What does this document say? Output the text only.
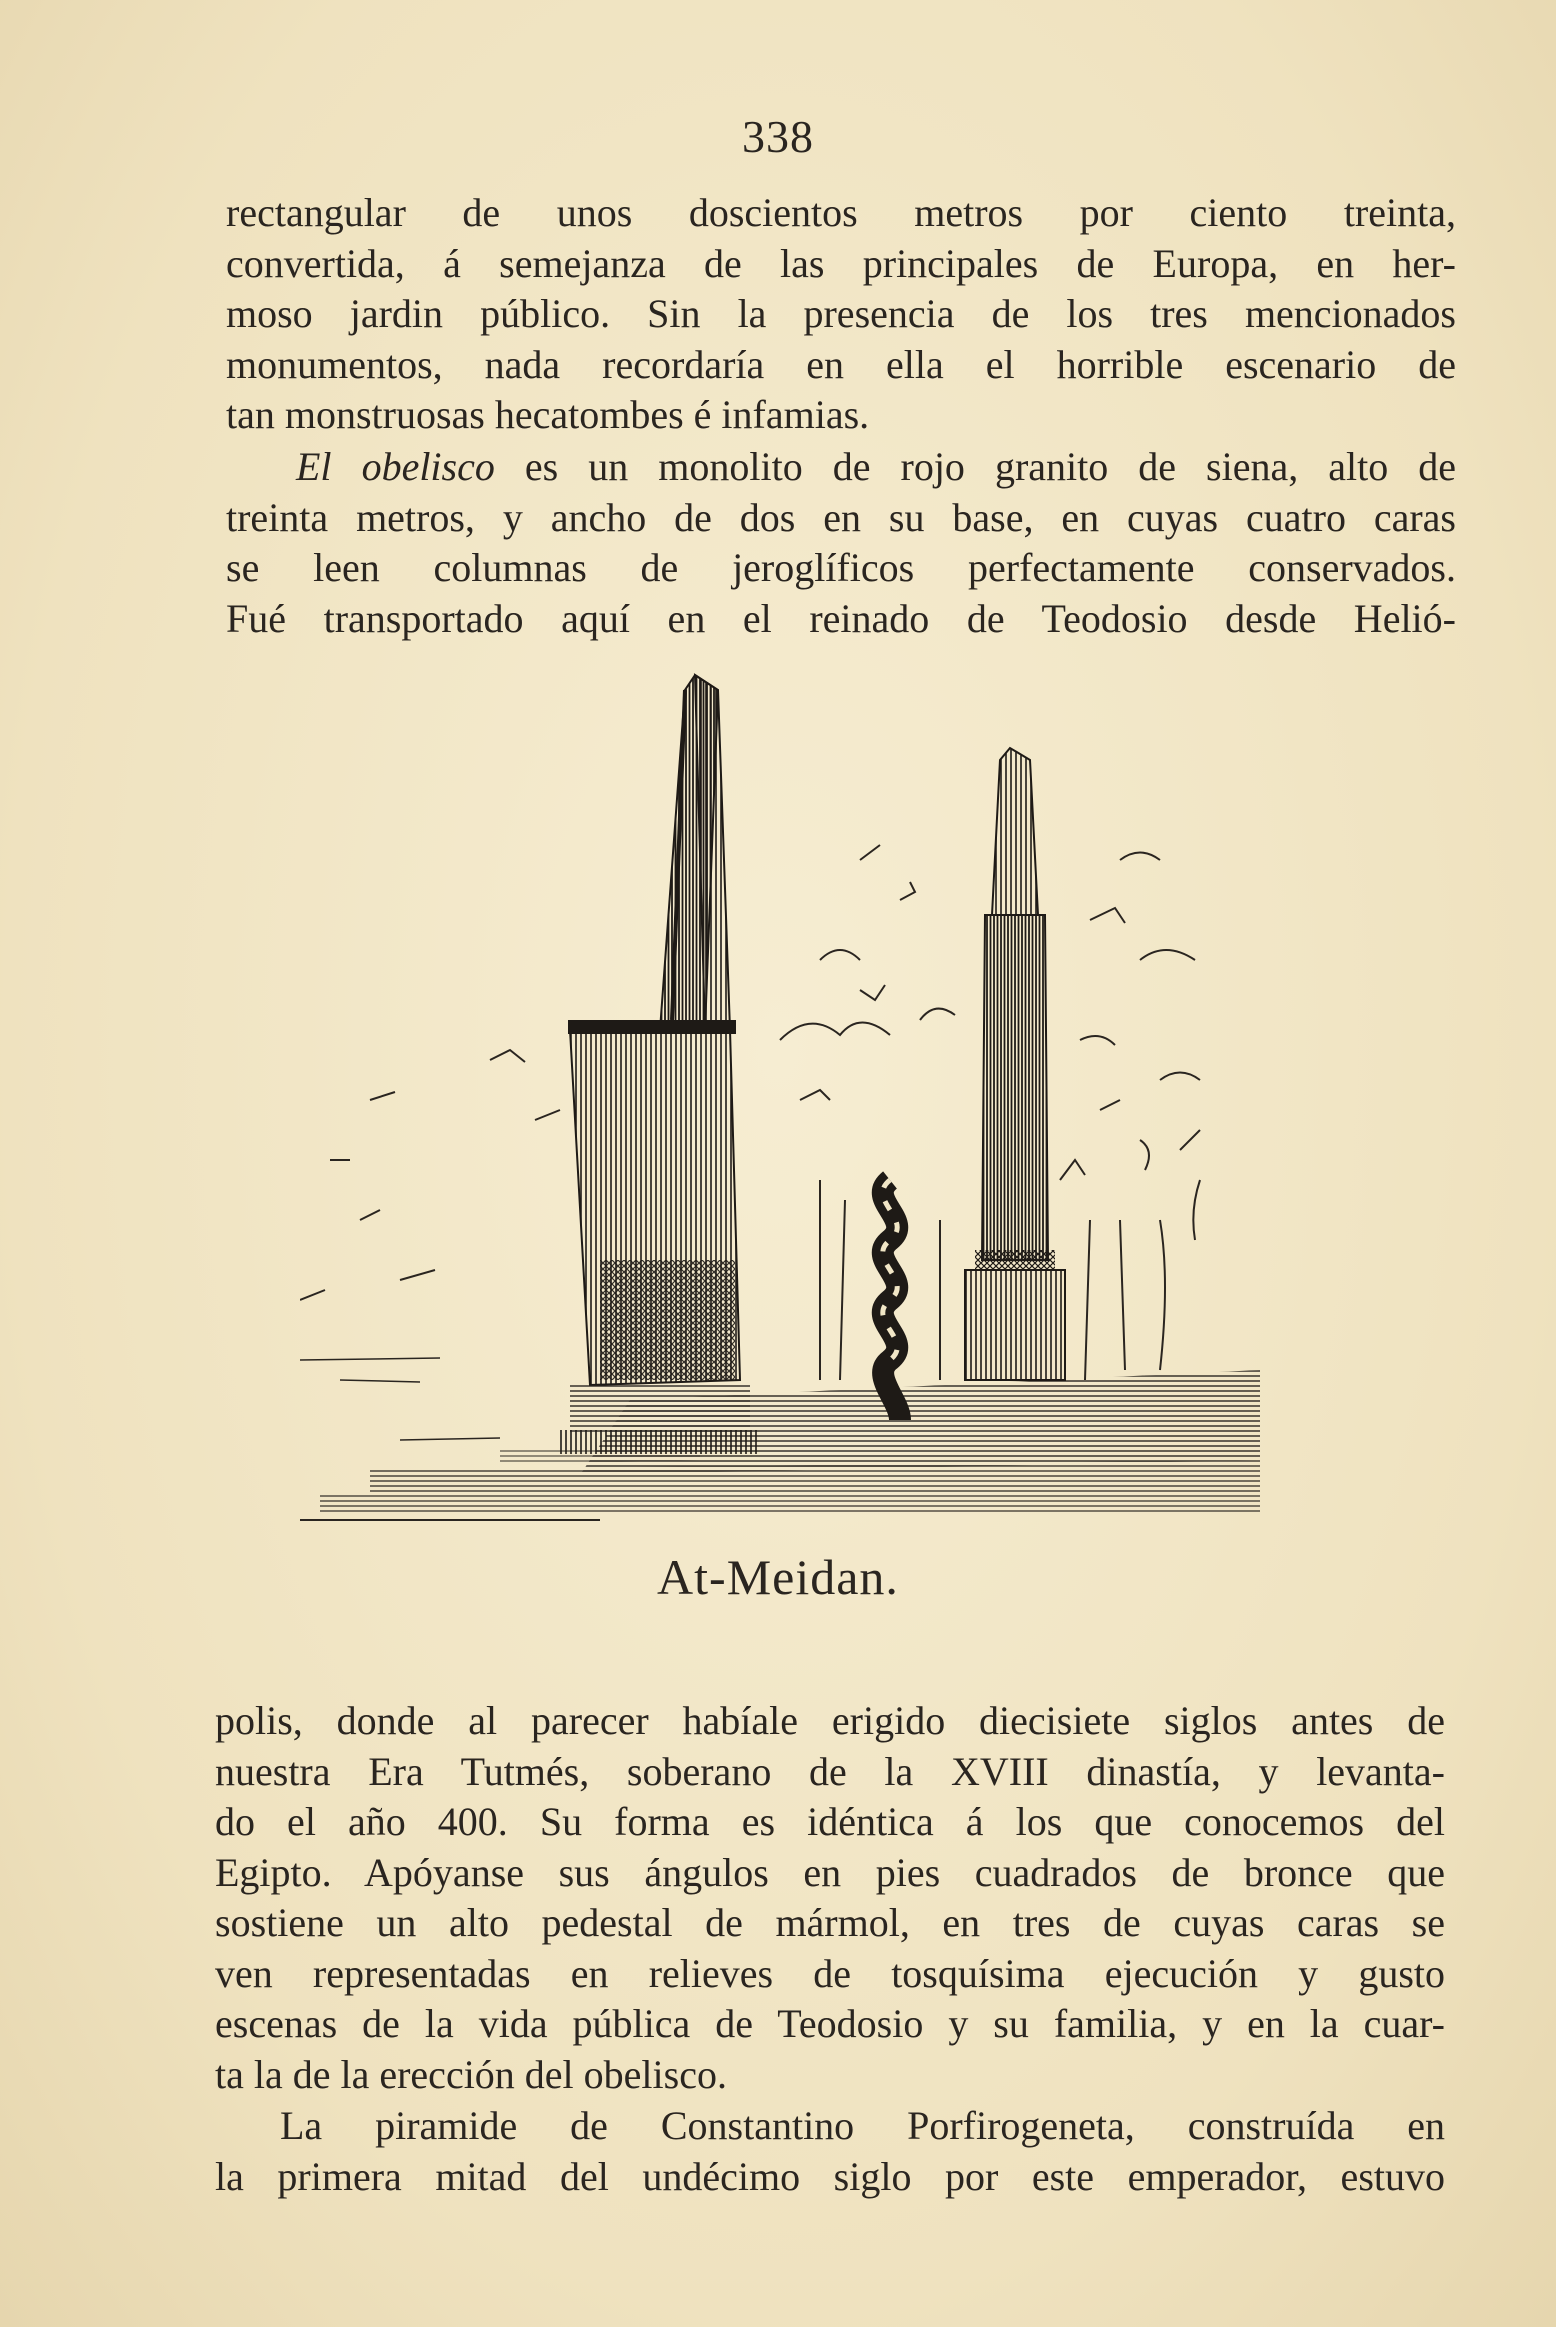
338

rectangular de unos doscientos metros por ciento treinta,
convertida, á semejanza de las principales de Europa, en her-
moso jardin público. Sin la presencia de los tres mencionados
monumentos, nada recordaría en ella el horrible escenario de
tan monstruosas hecatombes é infamias.

El obelisco es un monolito de rojo granito de siena, alto de
treinta metros, y ancho de dos en su base, en cuyas cuatro caras
se leen columnas de jeroglíficos perfectamente conservados.
Fué transportado aquí en el reinado de Teodosio desde Helió-

At-Meidan.

polis, donde al parecer habíale erigido diecisiete siglos antes de
nuestra Era Tutmés, soberano de la XVIII dinastía, y levanta-
do el año 400. Su forma es idéntica á los que conocemos del
Egipto. Apóyanse sus ángulos en pies cuadrados de bronce que
sostiene un alto pedestal de mármol, en tres de cuyas caras se
ven representadas en relieves de tosquísima ejecución y gusto
escenas de la vida pública de Teodosio y su familia, y en la cuar-
ta la de la erección del obelisco.

La piramide de Constantino Porfirogeneta, construída en
la primera mitad del undécimo siglo por este emperador, estuvo
